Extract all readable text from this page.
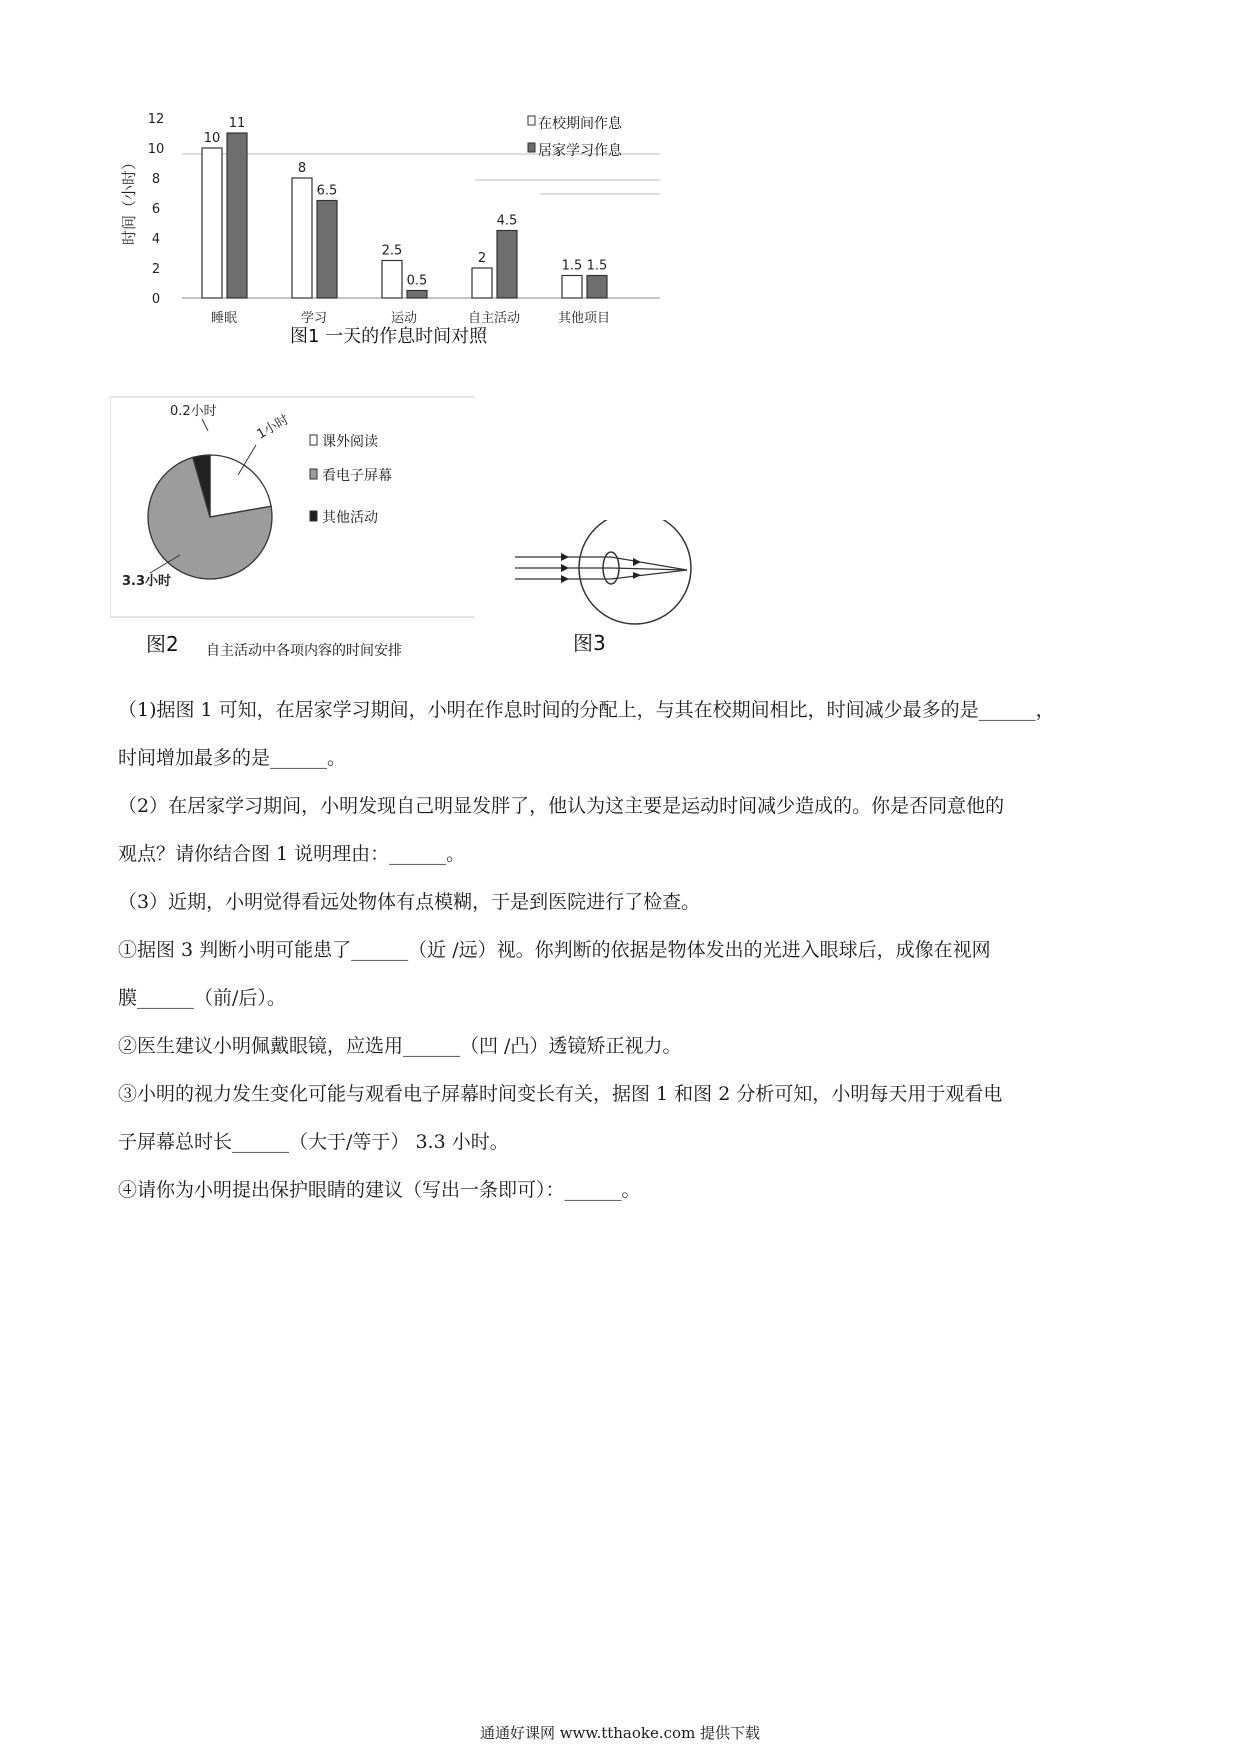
时间（小时）
0
2
4
6
8
10
12
10
11
8
6.5
2.5
0.5
2
4.5
1.5 1.5
睡眠	学习	运动	自主活动	其他项目
在校期间作息
居家学习作息
图1 一天的作息时间对照
0.2小时
1小时
3.3小时
课外阅读
看电子屏幕
其他活动
图2 自主活动中各项内容的时间安排	图3
（1)据图 1 可知，在居家学习期间，小明在作息时间的分配上，与其在校期间相比，时间减少最多的是______，
时间增加最多的是______。
（2）在居家学习期间，小明发现自己明显发胖了，他认为这主要是运动时间减少造成的。你是否同意他的
观点？请你结合图 1 说明理由：______。
（3）近期，小明觉得看远处物体有点模糊，于是到医院进行了检查。
①据图 3 判断小明可能患了______（近 /远）视。你判断的依据是物体发出的光进入眼球后，成像在视网
膜______（前/后）。
②医生建议小明佩戴眼镜，应选用______（凹 /凸）透镜矫正视力。
③小明的视力发生变化可能与观看电子屏幕时间变长有关，据图 1 和图 2 分析可知，小明每天用于观看电
子屏幕总时长______（大于/等于） 3.3 小时。
④请你为小明提出保护眼睛的建议（写出一条即可）：______。
通通好课网 www.tthaoke.com 提供下载
